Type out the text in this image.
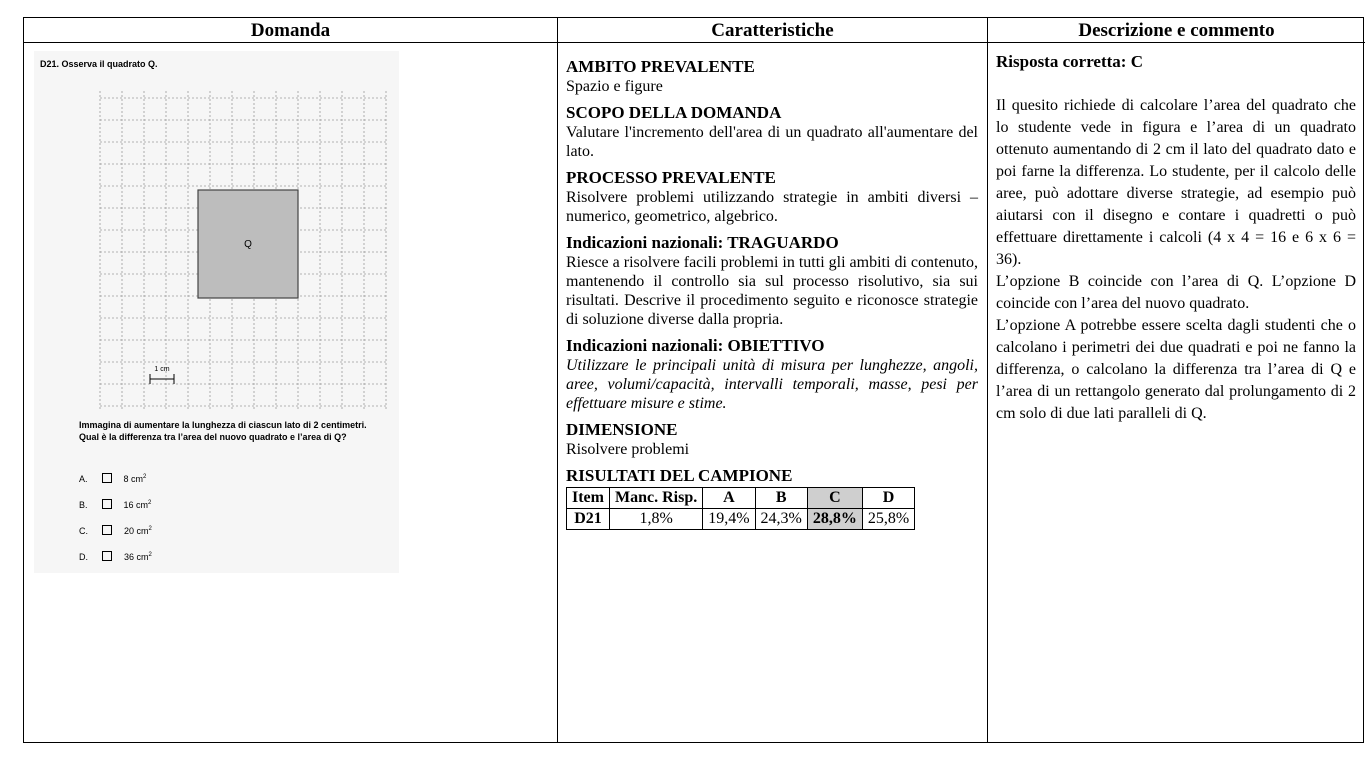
Domanda
D21. Osserva il quadrato Q.
Q
1 cm
Immagina di aumentare la lunghezza di ciascun lato di 2 centimetri.
Qual è la differenza tra l’area del nuovo quadrato e l’area di Q?
A.	8 $cm^2$
B.	16 $cm^2$
C.	20 $cm^2$
D.	36 $cm^2$
Caratteristiche
AMBITO PREVALENTE

Spazio e figure

SCOPO DELLA DOMANDA

Valutare l'incremento dell'area di un quadrato all'aumentare del lato.

PROCESSO PREVALENTE

Risolvere problemi utilizzando strategie in ambiti diversi – numerico, geometrico, algebrico.

Indicazioni nazionali: TRAGUARDO

Riesce a risolvere facili problemi in tutti gli ambiti di contenuto, mantenendo il controllo sia sul processo risolutivo, sia sui risultati. Descrive il procedimento seguito e riconosce strategie di soluzione diverse dalla propria.

Indicazioni nazionali: OBIETTIVO

Utilizzare le principali unità di misura per lunghezze, angoli, aree, volumi/capacità, intervalli temporali, masse, pesi per effettuare misure e stime.

DIMENSIONE

Risolvere problemi

RISULTATI DEL CAMPIONE
Item	Manc. Risp.	A	B	C	D
D21	1,8%	19,4%	24,3%	28,8%	25,8%
Descrizione e commento
Risposta corretta: C

Il quesito richiede di calcolare l’area del quadrato che lo studente vede in figura e l’area di un quadrato ottenuto aumentando di 2 cm il lato del quadrato dato e poi farne la differenza. Lo studente, per il calcolo delle aree, può adottare diverse strategie, ad esempio può aiutarsi con il disegno e contare i quadretti o può effettuare direttamente i calcoli (4 x 4 = 16 e 6 x 6 = 36).

L’opzione B coincide con l’area di Q. L’opzione D coincide con l’area del nuovo quadrato.

L’opzione A potrebbe essere scelta dagli studenti che o calcolano i perimetri dei due quadrati e poi ne fanno la differenza, o calcolano la differenza tra l’area di Q e l’area di un rettangolo generato dal prolungamento di 2 cm solo di due lati paralleli di Q.
